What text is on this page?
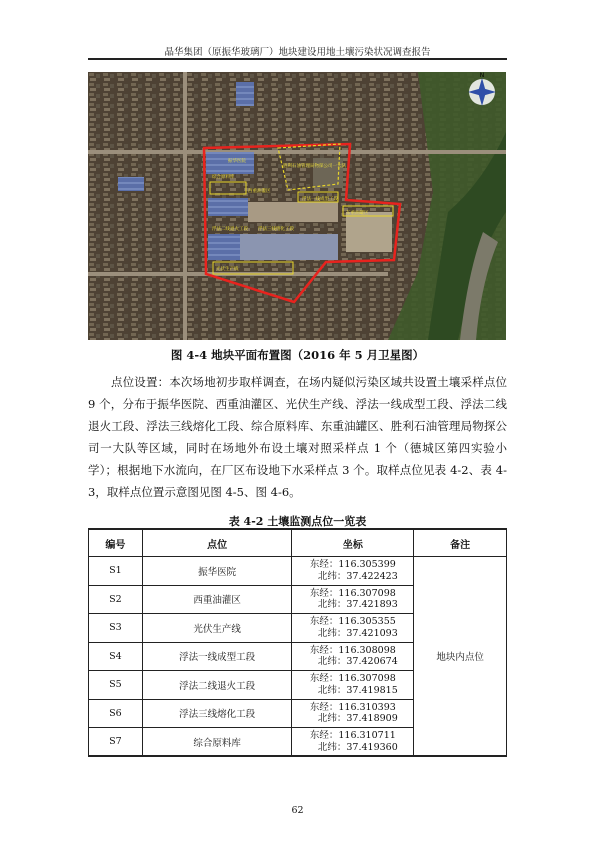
晶华集团（原振华玻璃厂）地块建设用地土壤污染状况调查报告
N
综合原料库
浮法一线成型工段
东重油罐区
浮法二线退火工段 浮法三线熔化工段
光伏生产线
胜利石油管理局物探公司一大队
振华医院
西重油灌区
图 4-4 地块平面布置图（2016 年 5 月卫星图）

点位设置：本次场地初步取样调查，在场内疑似污染区域共设置土壤采样点位 9 个，分布于振华医院、西重油灌区、光伏生产线、浮法一线成型工段、浮法二线退火工段、浮法三线熔化工段、综合原料库、东重油罐区、胜利石油管理局物探公司一大队等区域，同时在场地外布设土壤对照采样点 1 个（德城区第四实验小学）；根据地下水流向，在厂区布设地下水采样点 3 个。取样点位见表 4-2、表 4-3，取样点位置示意图见图 4-5、图 4-6。

表 4-2 土壤监测点位一览表
编号	点位	坐标	备注
S1	振华医院	东经：116.305399
北纬：37.422423	地块内点位
S2	西重油灌区	东经：116.307098
北纬：37.421893	

S3	光伏生产线	东经：116.305355
北纬：37.421093	

S4	浮法一线成型工段	东经：116.308098
北纬：37.420674	

S5	浮法二线退火工段	东经：116.307098
北纬：37.419815	

S6	浮法三线熔化工段	东经：116.310393
北纬：37.418909	

S7	综合原料库	东经：116.310711
北纬：37.419360	
62
